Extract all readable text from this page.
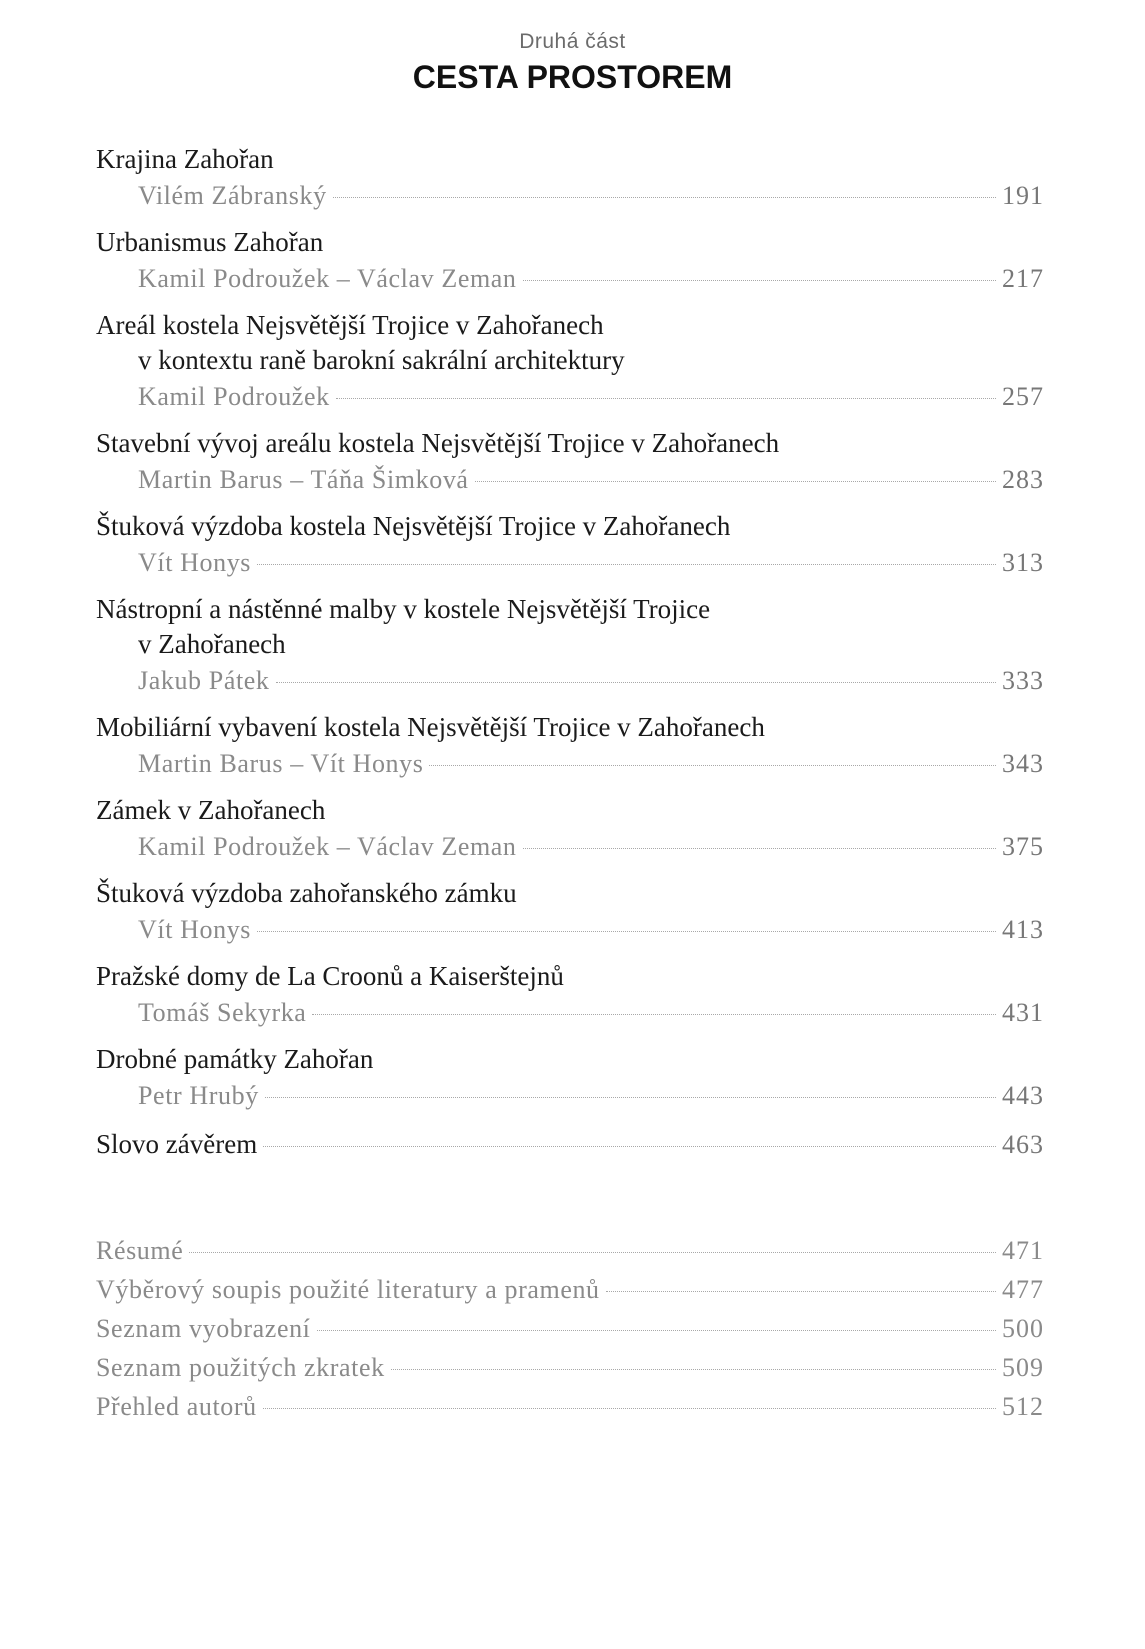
Druhá část
CESTA PROSTOREM
Krajina Zahořan
Vilém Zábranský	191
Urbanismus Zahořan
Kamil Podroužek – Václav Zeman	217
Areál kostela Nejsvětější Trojice v Zahořanech
v kontextu raně barokní sakrální architektury
Kamil Podroužek	257
Stavební vývoj areálu kostela Nejsvětější Trojice v Zahořanech
Martin Barus – Táňa Šimková	283
Štuková výzdoba kostela Nejsvětější Trojice v Zahořanech
Vít Honys	313
Nástropní a nástěnné malby v kostele Nejsvětější Trojice
v Zahořanech
Jakub Pátek	333
Mobiliární vybavení kostela Nejsvětější Trojice v Zahořanech
Martin Barus – Vít Honys	343
Zámek v Zahořanech
Kamil Podroužek – Václav Zeman	375
Štuková výzdoba zahořanského zámku
Vít Honys	413
Pražské domy de La Croonů a Kaiserštejnů
Tomáš Sekyrka	431
Drobné památky Zahořan
Petr Hrubý	443
Slovo závěrem	463
Résumé	471
Výběrový soupis použité literatury a pramenů	477
Seznam vyobrazení	500
Seznam použitých zkratek	509
Přehled autorů	512
